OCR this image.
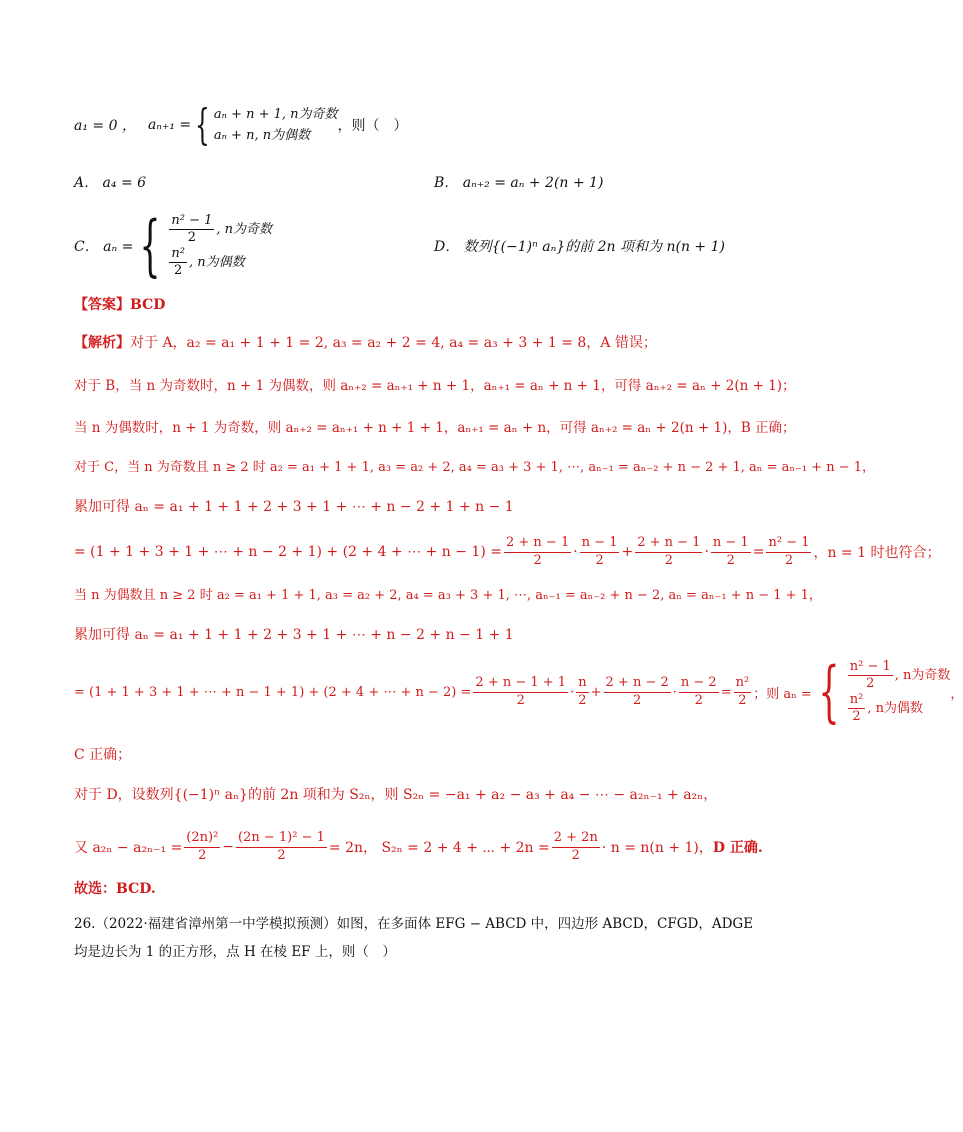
a₁ = 0 ， aₙ₊₁ = { aₙ + n + 1, n为奇数
aₙ + n, n为偶数
，则（　）
A． a₄ = 6	B． aₙ₊₂ = aₙ + 2(n + 1)
C． aₙ = { $\frac{\text{n² − 1}}{2}$ , n为奇数
$\frac{\text{n²}}{2}$ , n为偶数
D． 数列{(−1)ⁿ aₙ}的前 2n 项和为 n(n + 1)
【答案】BCD
【解析】 对于 A，a₂ = a₁ + 1 + 1 = 2, a₃ = a₂ + 2 = 4, a₄ = a₃ + 3 + 1 = 8，A 错误；
对于 B，当 n 为奇数时，n + 1 为偶数，则 aₙ₊₂ = aₙ₊₁ + n + 1，aₙ₊₁ = aₙ + n + 1，可得 aₙ₊₂ = aₙ + 2(n + 1)；
当 n 为偶数时，n + 1 为奇数，则 aₙ₊₂ = aₙ₊₁ + n + 1 + 1，aₙ₊₁ = aₙ + n，可得 aₙ₊₂ = aₙ + 2(n + 1)，B 正确；
对于 C，当 n 为奇数且 n ≥ 2 时 a₂ = a₁ + 1 + 1, a₃ = a₂ + 2, a₄ = a₃ + 3 + 1, ⋯, aₙ₋₁ = aₙ₋₂ + n − 2 + 1, aₙ = aₙ₋₁ + n − 1，
累加可得 aₙ = a₁ + 1 + 1 + 2 + 3 + 1 + ⋯ + n − 2 + 1 + n − 1
= (1 + 1 + 3 + 1 + ⋯ + n − 2 + 1) + (2 + 4 + ⋯ + $n - 1) = \frac{2 + n - 1}{2} \cdot \frac{n - 1}{2} + \frac{2 + n - 1}{2} \cdot \frac{n - 1}{2} = \frac{\text{n² − 1}}{2}$ ，n = 1 时也符合；
当 n 为偶数且 n ≥ 2 时 a₂ = a₁ + 1 + 1, a₃ = a₂ + 2, a₄ = a₃ + 3 + 1, ⋯, aₙ₋₁ = aₙ₋₂ + n − 2, aₙ = aₙ₋₁ + n − 1 + 1，
累加可得 aₙ = a₁ + 1 + 1 + 2 + 3 + 1 + ⋯ + n − 2 + n − 1 + 1
= (1 + 1 + 3 + 1 + ⋯ + n − 1 + 1) + (2 + 4 + ⋯ + $n - 2) = \frac{2 + n - 1 + 1}{2} \cdot \frac{n}{2} + \frac{2 + n - 2}{2} \cdot \frac{n - 2}{2} = \frac{\text{n²}}{2}$ ；则 aₙ = { $\frac{\text{n² − 1}}{2}$ , n为奇数
$\frac{\text{n²}}{2}$ , n为偶数
，
C 正确；
对于 D，设数列{(−1)ⁿ aₙ}的前 2n 项和为 S₂ₙ，则 S₂ₙ = −a₁ + a₂ − a₃ + a₄ − ⋯ − a₂ₙ₋₁ + a₂ₙ，
又 $a_{2n} - a_{2n-1} = \frac{\text{(2n)²}}{2} - \frac{\text{(2n − 1)² − 1}}{2} = 2n$， S₂ₙ = 2 + 4 + ⋯ + $2n = \frac{2 + 2n}{2} \cdot n = n(n + 1)$， D 正确.
故选：BCD.
26.（2022·福建省漳州第一中学模拟预测）如图，在多面体 EFG − ABCD 中，四边形 ABCD，CFGD，ADGE
均是边长为 1 的正方形，点 H 在棱 EF 上，则（　）
